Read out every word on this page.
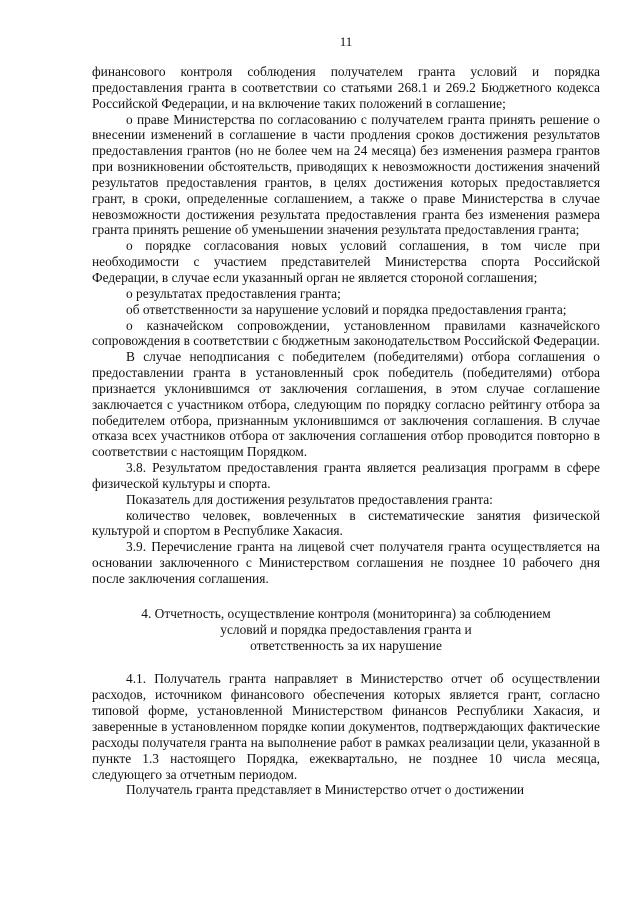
11

финансового контроля соблюдения получателем гранта условий и порядка предоставления гранта в соответствии со статьями 268.1 и 269.2 Бюджетного кодекса Российской Федерации, и на включение таких положений в соглашение;

о праве Министерства по согласованию с получателем гранта принять решение о внесении изменений в соглашение в части продления сроков достижения результатов предоставления грантов (но не более чем на 24 месяца) без изменения размера грантов при возникновении обстоятельств, приводящих к невозможности достижения значений результатов предоставления грантов, в целях достижения которых предоставляется грант, в сроки, определенные соглашением, а также о праве Министерства в случае невозможности достижения результата предоставления гранта без изменения размера гранта принять решение об уменьшении значения результата предоставления гранта;

о порядке согласования новых условий соглашения, в том числе при необходимости с участием представителей Министерства спорта Российской Федерации, в случае если указанный орган не является стороной соглашения;

о результатах предоставления гранта;

об ответственности за нарушение условий и порядка предоставления гранта;

о казначейском сопровождении, установленном правилами казначейского сопровождения в соответствии с бюджетным законодательством Российской Федерации.

В случае неподписания с победителем (победителями) отбора соглашения о предоставлении гранта в установленный срок победитель (победителями) отбора признается уклонившимся от заключения соглашения, в этом случае соглашение заключается с участником отбора, следующим по порядку согласно рейтингу отбора за победителем отбора, признанным уклонившимся от заключения соглашения. В случае отказа всех участников отбора от заключения соглашения отбор проводится повторно в соответствии с настоящим Порядком.

3.8. Результатом предоставления гранта является реализация программ в сфере физической культуры и спорта.

Показатель для достижения результатов предоставления гранта:

количество человек, вовлеченных в систематические занятия физической культурой и спортом в Республике Хакасия.

3.9. Перечисление гранта на лицевой счет получателя гранта осуществляется на основании заключенного с Министерством соглашения не позднее 10 рабочего дня после заключения соглашения.

4. Отчетность, осуществление контроля (мониторинга) за соблюдением
условий и порядка предоставления гранта и
ответственность за их нарушение

4.1. Получатель гранта направляет в Министерство отчет об осуществлении расходов, источником финансового обеспечения которых является грант, согласно типовой форме, установленной Министерством финансов Республики Хакасия, и заверенные в установленном порядке копии документов, подтверждающих фактические расходы получателя гранта на выполнение работ в рамках реализации цели, указанной в пункте 1.3 настоящего Порядка, ежеквартально, не позднее 10 числа месяца, следующего за отчетным периодом.

Получатель гранта представляет в Министерство отчет о достижении
